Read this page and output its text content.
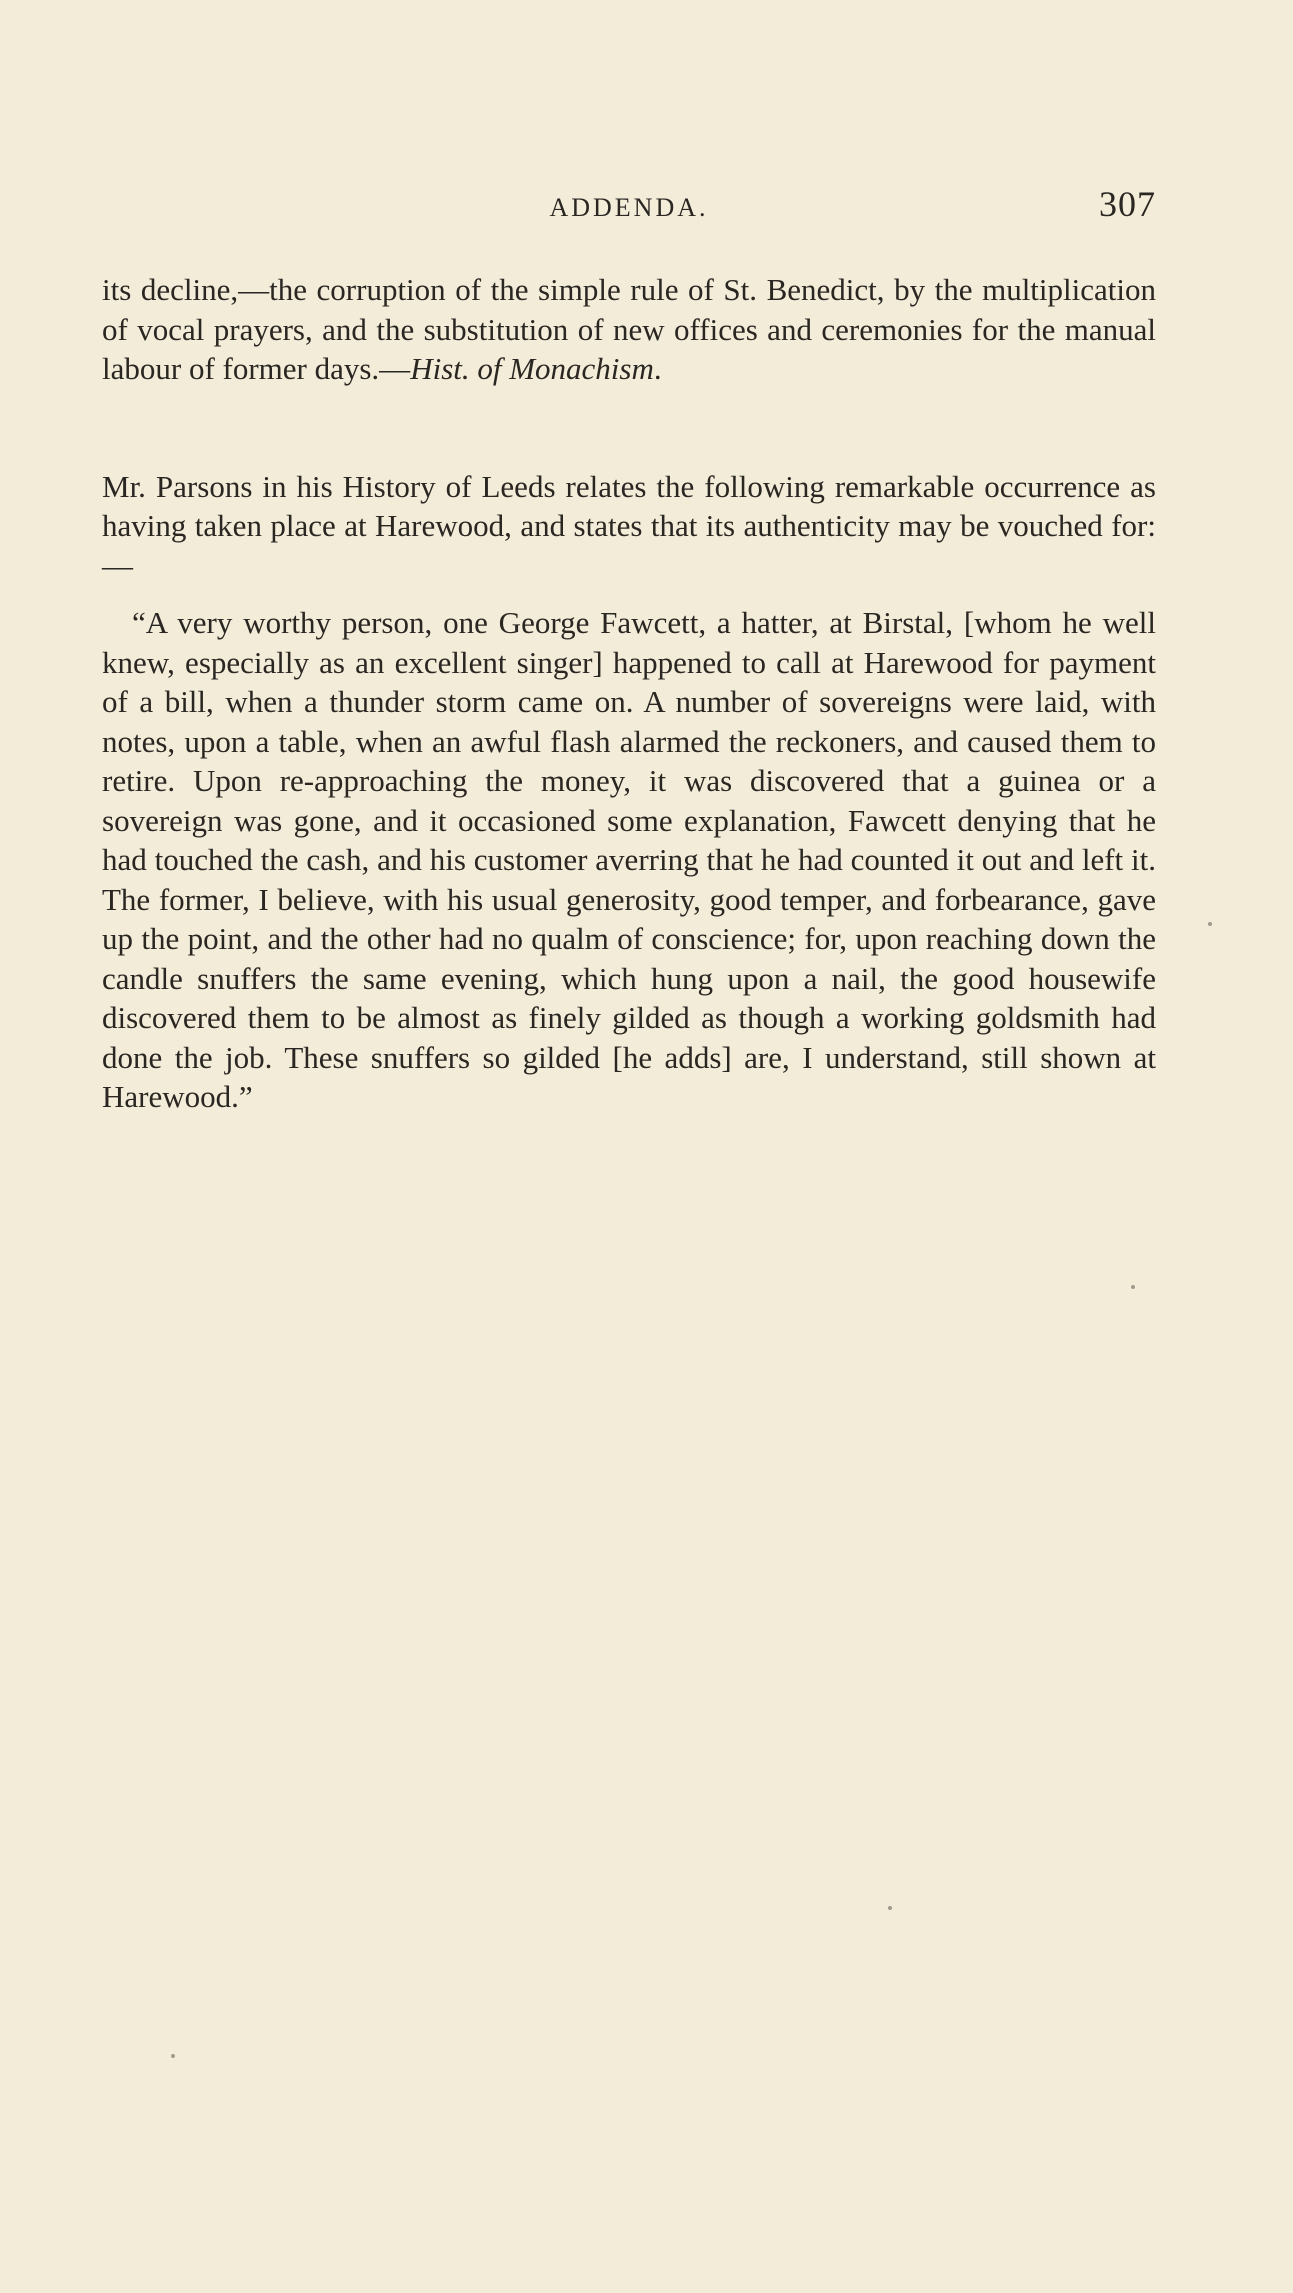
ADDENDA.	307

its decline,—the corruption of the simple rule of St. Benedict, by the multiplication of vocal prayers, and the substitution of new offices and ceremonies for the manual labour of former days.—Hist. of Monachism.

Mr. Parsons in his History of Leeds relates the following remarkable occurrence as having taken place at Harewood, and states that its authenticity may be vouched for:—

“A very worthy person, one George Fawcett, a hatter, at Birstal, [whom he well knew, especially as an excellent singer] happened to call at Harewood for payment of a bill, when a thunder storm came on. A number of sovereigns were laid, with notes, upon a table, when an awful flash alarmed the reckoners, and caused them to retire. Upon re-approaching the money, it was discovered that a guinea or a sovereign was gone, and it occasioned some explanation, Fawcett denying that he had touched the cash, and his customer averring that he had counted it out and left it. The former, I believe, with his usual generosity, good temper, and forbearance, gave up the point, and the other had no qualm of conscience; for, upon reaching down the candle snuffers the same evening, which hung upon a nail, the good housewife discovered them to be almost as finely gilded as though a working goldsmith had done the job. These snuffers so gilded [he adds] are, I understand, still shown at Harewood.”
